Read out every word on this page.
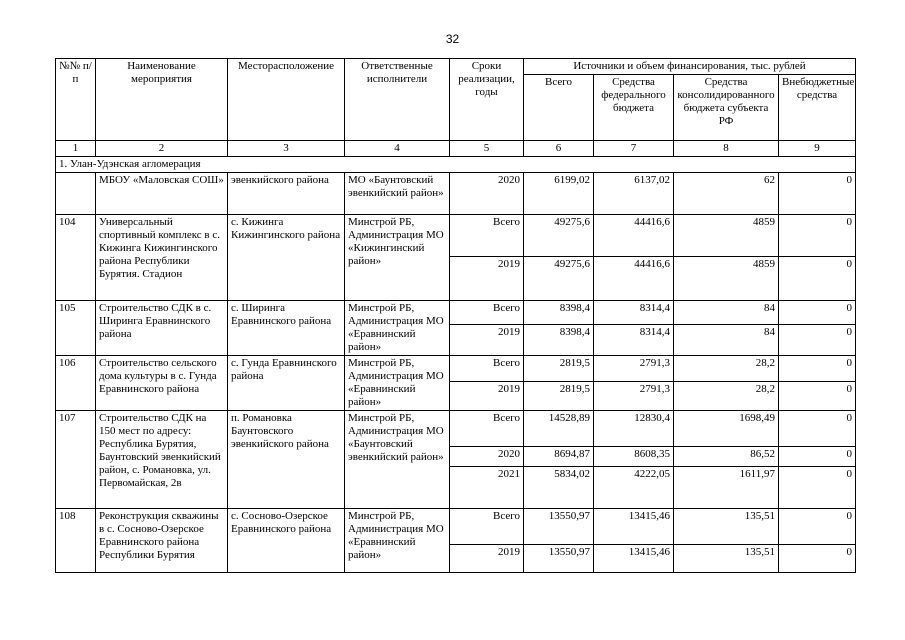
32
№№ п/п	Наименование мероприятия	Месторасположение	Ответственные исполнители	Сроки реализации, годы	Источники и объем финансирования, тыс. рублей			
					Всего	Средства федерального бюджета	Средства консолидированного бюджета субъекта РФ	Внебюджетные средства
1	2	3	4	5	6	7	8	9
1. Улан-Удэнская агломерация								
	МБОУ «Маловская СОШ»	эвенкийского района	МО «Баунтовский эвенкийский район»	2020	6199,02	6137,02	62	0
104	Универсальный спортивный комплекс в с. Кижинга Кижингинского района Республики Бурятия. Стадион	с. Кижинга Кижингинского района	Минстрой РБ, Администрация МО «Кижингинский район»	Всего	49275,6	44416,6	4859	0
				2019	49275,6	44416,6	4859	0
105	Строительство СДК в с. Ширинга Еравнинского района	с. Ширинга Еравнинского района	Минстрой РБ, Администрация МО «Еравнинский район»	Всего	8398,4	8314,4	84	0
				2019	8398,4	8314,4	84	0
106	Строительство сельского дома культуры в с. Гунда Еравнинского района	с. Гунда Еравнинского района	Минстрой РБ, Администрация МО «Еравнинский район»	Всего	2819,5	2791,3	28,2	0
				2019	2819,5	2791,3	28,2	0
107	Строительство СДК на 150 мест по адресу: Республика Бурятия, Баунтовский эвенкийский район, с. Романовка, ул. Первомайская, 2в	п. Романовка Баунтовского эвенкийского района	Минстрой РБ, Администрация МО «Баунтовский эвенкийский район»	Всего	14528,89	12830,4	1698,49	0
				2020	8694,87	8608,35	86,52	0
				2021	5834,02	4222,05	1611,97	0
108	Реконструкция скважины в с. Сосново-Озерское Еравнинского района Республики Бурятия	с. Сосново-Озерское Еравнинского района	Минстрой РБ, Администрация МО «Еравнинский район»	Всего	13550,97	13415,46	135,51	0
				2019	13550,97	13415,46	135,51	0
